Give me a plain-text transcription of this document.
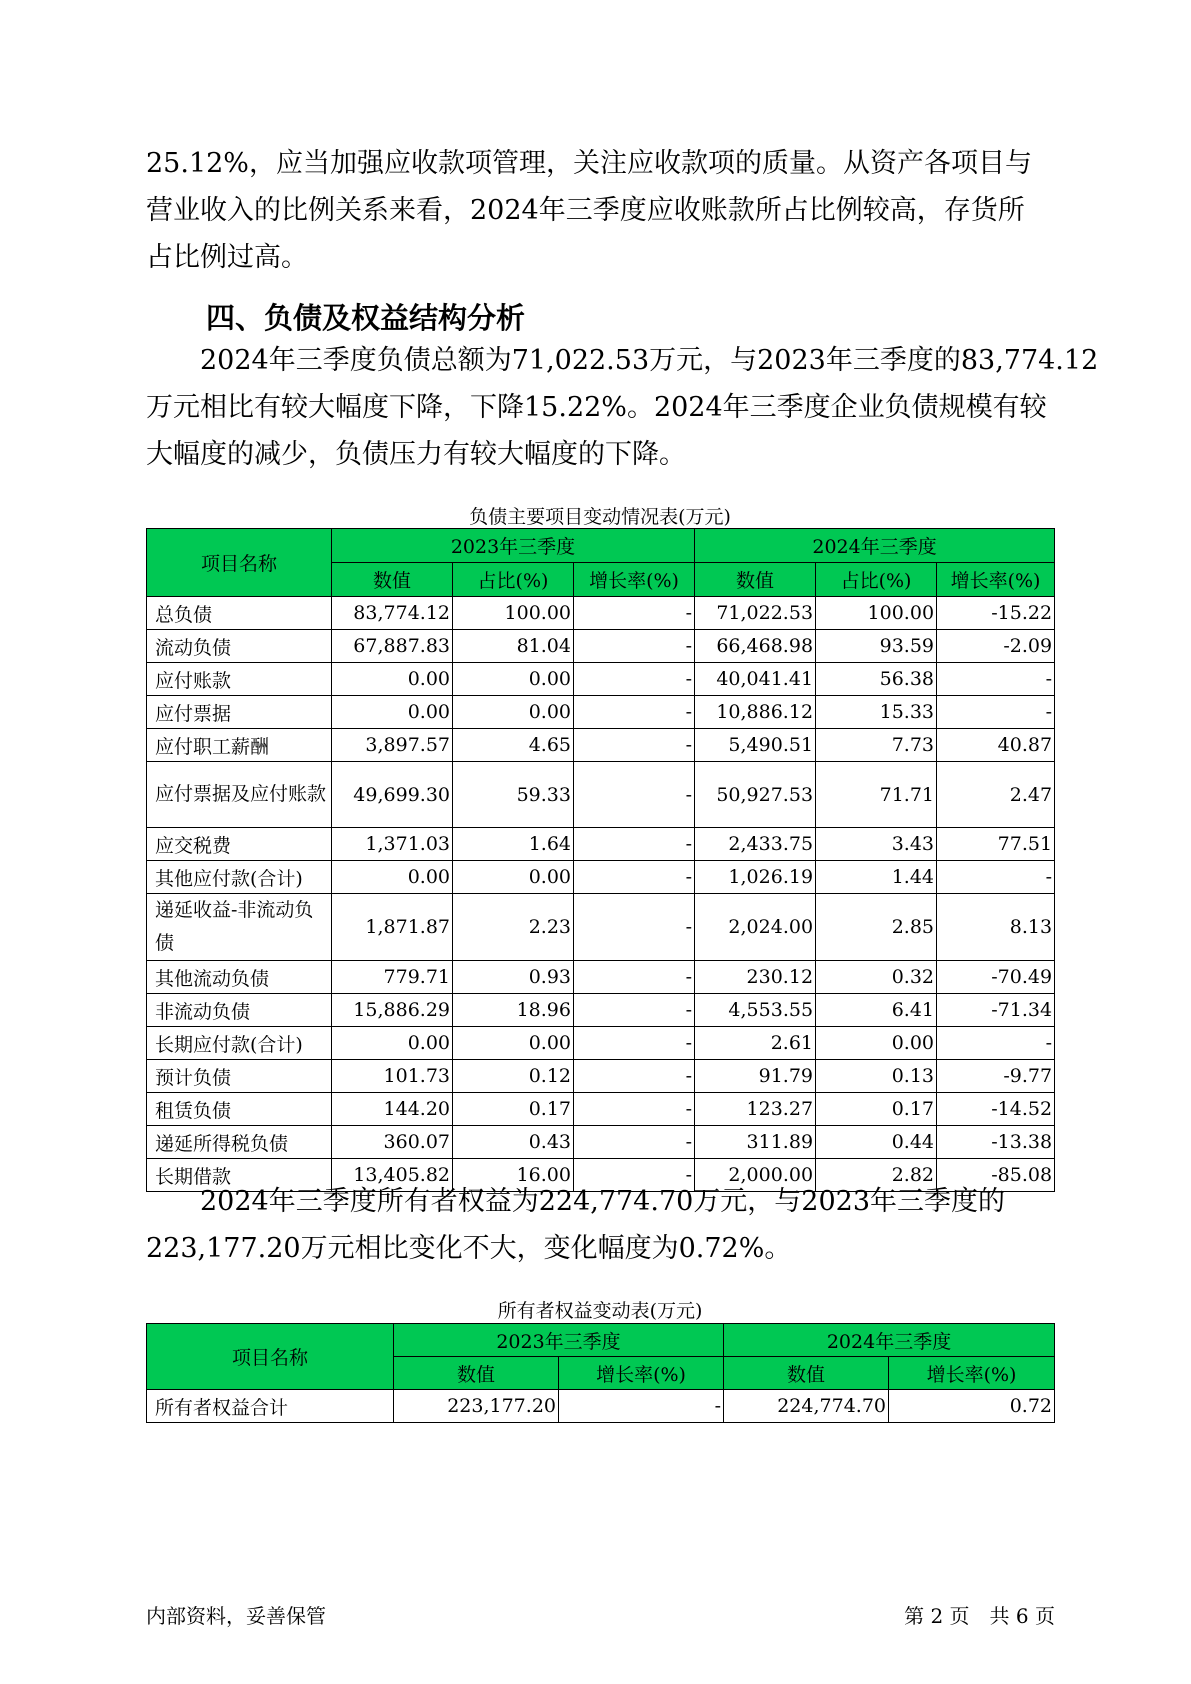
25.12%，应当加强应收款项管理，关注应收款项的质量。从资产各项目与
营业收入的比例关系来看，2024年三季度应收账款所占比例较高，存货所
占比例过高。

四、负债及权益结构分析

　　2024年三季度负债总额为71,022.53万元，与2023年三季度的83,774.12
万元相比有较大幅度下降，下降15.22%。2024年三季度企业负债规模有较
大幅度的减少，负债压力有较大幅度的下降。

负债主要项目变动情况表(万元)

项目名称	2023年三季度			2024年三季度		
	数值	占比(%)	增长率(%)	数值	占比(%)	增长率(%)
总负债	83,774.12	100.00	-	71,022.53	100.00	-15.22
流动负债	67,887.83	81.04	-	66,468.98	93.59	-2.09
应付账款	0.00	0.00	-	40,041.41	56.38	-
应付票据	0.00	0.00	-	10,886.12	15.33	-
应付职工薪酬	3,897.57	4.65	-	5,490.51	7.73	40.87
应付票据及应付账款	49,699.30	59.33	-	50,927.53	71.71	2.47
应交税费	1,371.03	1.64	-	2,433.75	3.43	77.51
其他应付款(合计)	0.00	0.00	-	1,026.19	1.44	-
递延收益-非流动负债	1,871.87	2.23	-	2,024.00	2.85	8.13
其他流动负债	779.71	0.93	-	230.12	0.32	-70.49
非流动负债	15,886.29	18.96	-	4,553.55	6.41	-71.34
长期应付款(合计)	0.00	0.00	-	2.61	0.00	-
预计负债	101.73	0.12	-	91.79	0.13	-9.77
租赁负债	144.20	0.17	-	123.27	0.17	-14.52
递延所得税负债	360.07	0.43	-	311.89	0.44	-13.38
长期借款	13,405.82	16.00	-	2,000.00	2.82	-85.08

　　2024年三季度所有者权益为224,774.70万元，与2023年三季度的
223,177.20万元相比变化不大，变化幅度为0.72%。

所有者权益变动表(万元)

项目名称	2023年三季度		2024年三季度	
	数值	增长率(%)	数值	增长率(%)
所有者权益合计	223,177.20	-	224,774.70	0.72

内部资料，妥善保管	第 2 页　共 6 页
